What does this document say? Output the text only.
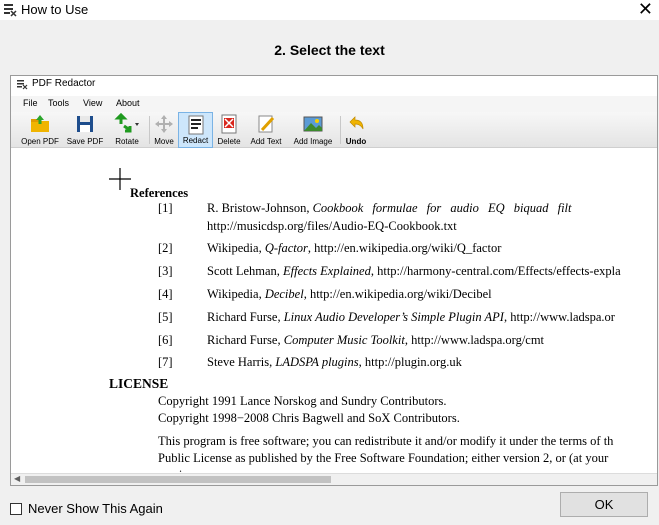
How to Use	✕
2. Select the text
PDF Redactor
File Tools View About
Open PDF Save PDF	Rotate	Move	Redact	Delete	Add Text	Add Image	Undo
References
[1]	R. Bristow-Johnson, Cookbook formulae for audio EQ biquad filt
http://musicdsp.org/files/Audio-EQ-Cookbook.txt
[2]	Wikipedia, Q-factor, http://en.wikipedia.org/wiki/Q_factor
[3]	Scott Lehman, Effects Explained, http://harmony-central.com/Effects/effects-expla
[4]	Wikipedia, Decibel, http://en.wikipedia.org/wiki/Decibel
[5]	Richard Furse, Linux Audio Developer’s Simple Plugin API, http://www.ladspa.or
[6]	Richard Furse, Computer Music Toolkit, http://www.ladspa.org/cmt
[7]	Steve Harris, LADSPA plugins, http://plugin.org.uk
LICENSE
Copyright 1991 Lance Norskog and Sundry Contributors.
Copyright 1998−2008 Chris Bagwell and SoX Contributors.
This program is free software; you can redistribute it and/or modify it under the terms of th
Public License as published by the Free Software Foundation; either version 2, or (at your
◀
Never Show This Again	OK
